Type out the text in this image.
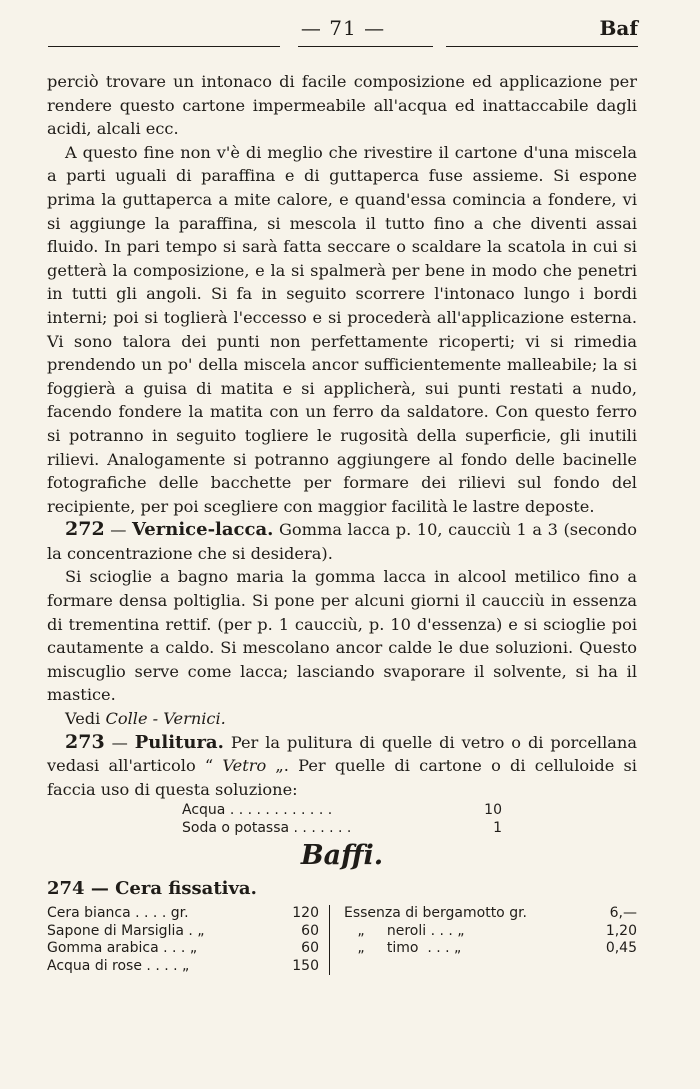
— 71 —	Baf

perciò trovare un intonaco di facile composizione ed applicazione per rendere questo cartone impermeabile all'acqua ed inattaccabile dagli acidi, alcali ecc.

A questo fine non v'è di meglio che rivestire il cartone d'una miscela a parti uguali di paraffina e di guttaperca fuse assieme. Si espone prima la guttaperca a mite calore, e quand'essa comincia a fondere, vi si aggiunge la paraffina, si mescola il tutto fino a che diventi assai fluido. In pari tempo si sarà fatta seccare o scaldare la scatola in cui si getterà la composizione, e la si spalmerà per bene in modo che penetri in tutti gli angoli. Si fa in seguito scorrere l'intonaco lungo i bordi interni; poi si toglierà l'eccesso e si procederà all'applicazione esterna. Vi sono talora dei punti non perfettamente ricoperti; vi si rimedia prendendo un po' della miscela ancor sufficientemente malleabile; la si foggierà a guisa di matita e si applicherà, sui punti restati a nudo, facendo fondere la matita con un ferro da saldatore. Con questo ferro si potranno in seguito togliere le rugosità della superficie, gli inutili rilievi. Analogamente si potranno aggiungere al fondo delle bacinelle fotografiche delle bacchette per formare dei rilievi sul fondo del recipiente, per poi scegliere con maggior facilità le lastre deposte.

272 — Vernice-lacca. Gomma lacca p. 10, caucciù 1 a 3 (secondo la concentrazione che si desidera).

Si scioglie a bagno maria la gomma lacca in alcool metilico fino a formare densa poltiglia. Si pone per alcuni giorni il caucciù in essenza di trementina rettif. (per p. 1 caucciù, p. 10 d'essenza) e si scioglie poi cautamente a caldo. Si mescolano ancor calde le due soluzioni. Questo miscuglio serve come lacca; lasciando svaporare il solvente, si ha il mastice.

Vedi Colle - Vernici.

273 — Pulitura. Per la pulitura di quelle di vetro o di porcellana vedasi all'articolo “ Vetro „. Per quelle di cartone o di celluloide si faccia uso di questa soluzione:

Acqua . . . . . . . . . . . .	10
Soda o potassa . . . . . . .	1
Baffi.
274 — Cera fissativa.
Cera bianca . . . . gr.	120
Sapone di Marsiglia . „	60
Gomma arabica . . . „	60
Acqua di rose . . . . „	150
Essenza di bergamotto gr.	6,—
„     neroli . . . „	1,20
„     timo  . . . „	0,45
